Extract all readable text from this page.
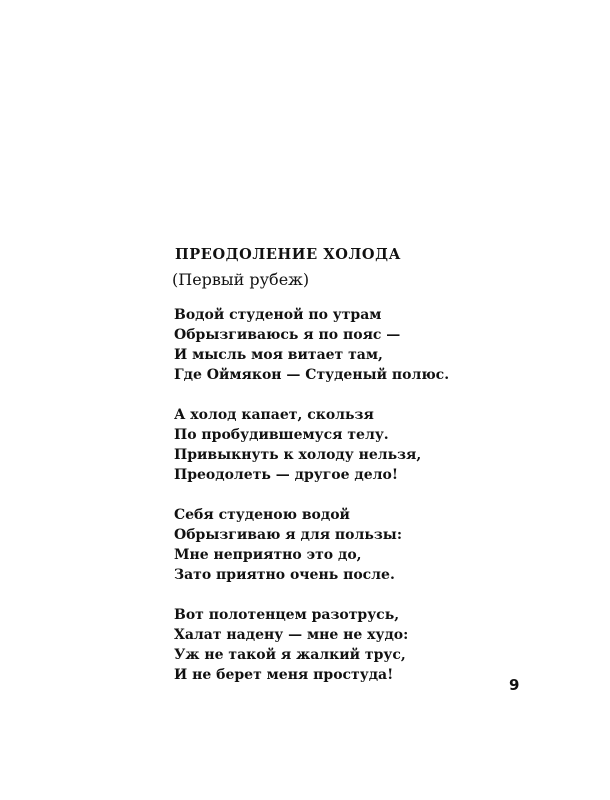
ПРЕОДОЛЕНИЕ ХОЛОДА
(Первый рубеж)
Водой студеной по утрам
Обрызгиваюсь я по пояс —
И мысль моя витает там,
Где Оймякон — Студеный полюс.
А холод капает, скользя
По пробудившемуся телу.
Привыкнуть к холоду нельзя,
Преодолеть — другое дело!
Себя студеною водой
Обрызгиваю я для пользы:
Мне неприятно это до,
Зато приятно очень после.
Вот полотенцем разотрусь,
Халат надену — мне не худо:
Уж не такой я жалкий трус,
И не берет меня простуда!
9
